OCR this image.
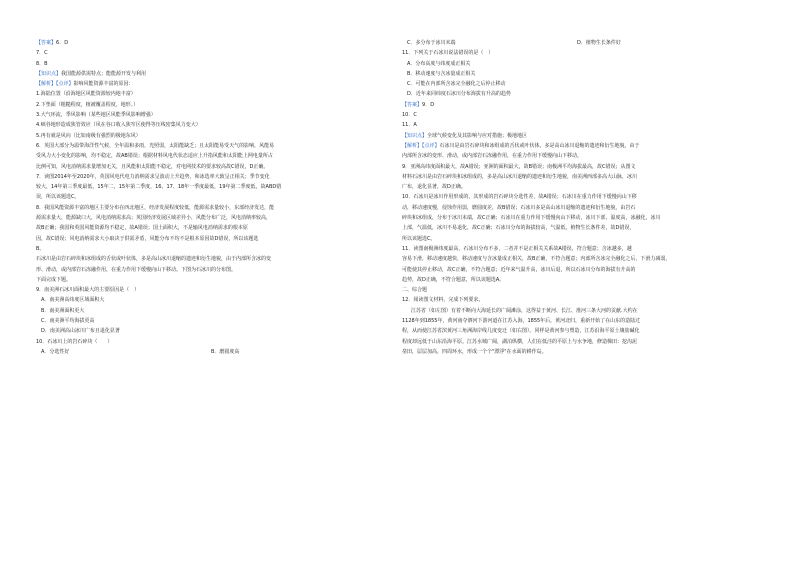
【答案】6．D
7．C
8．B
【知识点】我国能源供需特点；能能源开发与利用
【解析】【点评】影响风能资源丰富的原因：
1.海陆位置（沿海地区风能资源较内地丰富）
2.下垫面（粗糙程度，植被覆盖程度，地形。）
3.大气环流，季风影响（某些地区风能季风影响增强）
4.峡谷地形造成狭管效应（风在谷口收入狭窄区使得等压线密集风力变大）
5.再有就是风向（比如南极有强烈的极地东风）
6．英国大部分为温带海洋性气候，全年温和多雨，光照弱，太阳能缺乏；且太阳能易受天气的影响，风能易
受风力大小变化的影响，均不稳定，故AB错误；根据材料风电代状态适应上升指风能和太阳能上网电量所占
比例可知，风电消纳需求量增加无关，且风能和太阳能不稳定，对电网技术的要求较高故C错误，D正确。
7．读图2014年至2020年，英国风电代电力消纳需求呈波动上升趋势，和冰选率大致呈正相关；季节变化
较大，14年第三季度最低，15年二，15年第二季度，16、17、18年一季度最低，19年第二季度低，故ABD错
误，所以该题选C。
8．我国风能资源丰富的地区主要分布在西北地区，经济发展程度较低，能源需求量较小，东部经济发达，能
源需求量大，能源缺口大，风电消纳需求高；英国经济发展区域差异小，风能分布广泛，风电消纳率较高，
故B正确；我国和英国风能资源均不稳定，故A错误；国土面积大，不是输风电消纳需求的根本原
因，故C错误；风电消纳需求大小取决于供需矛盾，风能分布不均不是根本原因故D错误，所以该题选
B。
石冰川是由岩石碎块和冰组成的舌状或叶状体，多是高山冰川退缩的遗迹和衍生地貌，由于内部所含冰的变
形、滑动，或内部岩石冻融作用，在重力作用下缓慢向山下移动。下图为石冰川的分布图。
下面完成下题。
9．南美洲石冰川面积最大的主要原因是（　）
A．南美洲高纬度区域面积大
B．南美洲面积更大
C．南美洲平均海拔更高
D．南美洲高山冰川广布且退化显著
10．石冰川上的岩石碎块（　　）
A．分选性好	B．磨圆度高
C．多分布于冰川末端	D．植物生长条件好
11．下列关于石冰川说法错误的是（　）
A．分布高度与纬度成正相关
B．移动速度与含冰量成正相关
C．可能在内部所含冰完全融化之后停止移动
D．近年来同纬度石冰川分布海拔有升高的趋势
【答案】9．D
10．C
11．A
【知识点】全球气候变化及其影响与应对措施；极地地区
【解析】【点评】石冰川是由岩石碎块和冰组成的舌状或叶状体，多是高山冰川退缩的遗迹和衍生地貌，由于
内部所含冰的变形、滑动，或内部岩石冻融作用，在重力作用下缓慢向山下移动。
9．亚洲高纬度面积最大，故A错误；亚洲的面积最大，故B错误；南极洲平均海拔最高，故C错误；从图文
材料石冰川是由岩石碎块和冰组成的，多是高山冰川退缩的遗迹和衍生地貌，南美洲西部多高大山脉，冰川
广布，退化显著，故D正确。
10．石冰川是冰川作用形成的，其形成的岩石碎块分选性差，故A错误；石冰川在重力作用下缓慢向山下移
动，移动速度慢，侵蚀作用弱，磨圆度差，故B错误；石冰川多是高山冰川退缩的遗迹和衍生地貌，由岩石
碎块和冰组成，分布于冰川末端，故C正确；石冰川在重力作用下缓慢向山下移动，冰川下部，温度高，冰融化，冰川
上部，气温低，冰川不易退化，故C正确；石冰川分布的海拔较高，气温低，植物生长条件差，故D错误，
所以该题选C。
11．读图南极洲纬度最高，石冰川分布不多，二者并不是正相关关系故A错误，符合题意；含冰越多，越
容易下滑，移动速度越快，移动速度与含冰量成正相关，故B正确，不符合题意；内部所含冰完全融化之后，下滑力减弱，
可能使其停止移动，故C正确，不符合题意；近年来气温升高，冰川后退，所以石冰川分布的海拔有升高的
趋势，故D正确，不符合题意，所以该题选A。
二、综合题
12．阅读图文材料，完成下列要求。
江苏省（如左图）有着不断向大海延长的广阔滩涂，这得益于黄河、长江、淮河三条大河的贡献.大约在
1128年到1855年，黄河南夺泗河下游河道在江苏入海，1855年后，黄河北归，重新开始了在山东的造陆过
程，从而使江苏省滨黄河三角洲海岸线几度变迁（如右图）。同样是黄河参与塑造，江苏沿海平原土壤盐碱化
程度却远低于山东沿海平原。江苏水城广阔，湖泊纵横，人们在低洼的平原上与水争地，修造梯田：挖沟泥
垒田，层层加高，四周环水，形成一个个"漂浮"在水面的耕作岛。
